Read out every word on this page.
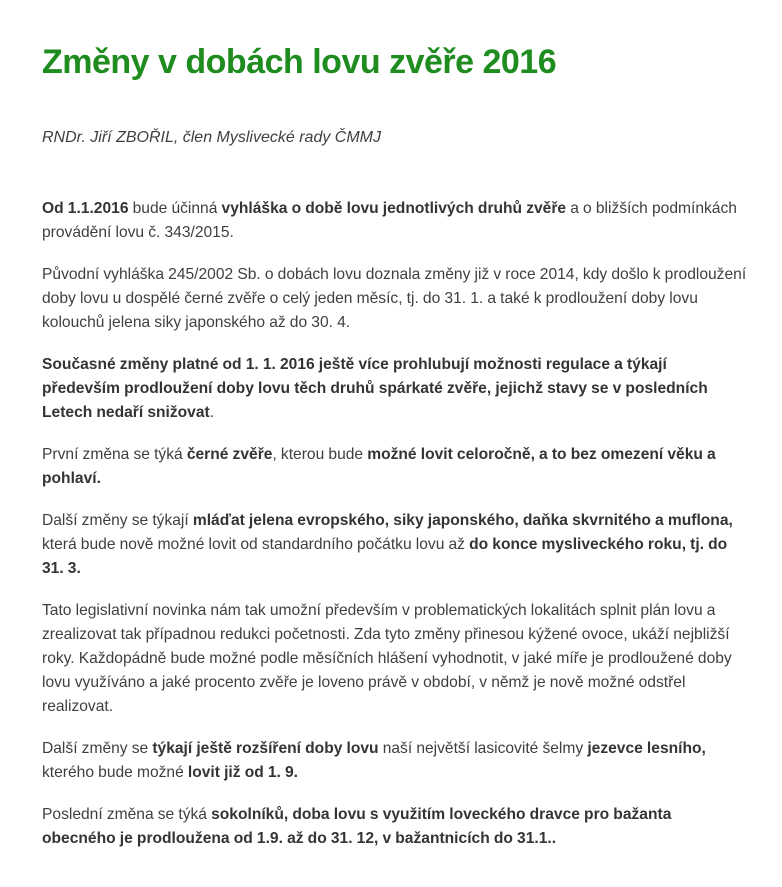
Změny v dobách lovu zvěře 2016

RNDr. Jiří ZBOŘIL, člen Myslivecké rady ČMMJ

Od 1.1.2016 bude účinná vyhláška o době lovu jednotlivých druhů zvěře a o bližších podmínkách provádění lovu č. 343/2015.

Původní vyhláška 245/2002 Sb. o dobách lovu doznala změny již v roce 2014, kdy došlo k prodloužení doby lovu u dospělé černé zvěře o celý jeden měsíc, tj. do 31. 1. a také k prodloužení doby lovu kolouchů jelena siky japonského až do 30. 4.

Současné změny platné od 1. 1. 2016 ještě více prohlubují možnosti regulace a týkají především prodloužení doby lovu těch druhů spárkaté zvěře, jejichž stavy se v posledních Letech nedaří snižovat.

První změna se týká černé zvěře, kterou bude možné lovit celoročně, a to bez omezení věku a pohlaví.

Další změny se týkají mláďat jelena evropského, siky japonského, daňka skvrnitého a muflona, která bude nově možné lovit od standardního počátku lovu až do konce mysliveckého roku, tj. do 31. 3.

Tato legislativní novinka nám tak umožní především v problematických lokalitách splnit plán lovu a zrealizovat tak případnou redukci početnosti. Zda tyto změny přinesou kýžené ovoce, ukáží nejbližší roky. Každopádně bude možné podle měsíčních hlášení vyhodnotit, v jaké míře je prodloužené doby lovu využíváno a jaké procento zvěře je loveno právě v období, v němž je nově možné odstřel realizovat.

Další změny se týkají ještě rozšíření doby lovu naší největší lasicovité šelmy jezevce lesního, kterého bude možné lovit již od 1. 9.

Poslední změna se týká sokolníků, doba lovu s využitím loveckého dravce pro bažanta obecného je prodloužena od 1.9. až do 31. 12, v bažantnicích do 31.1..
